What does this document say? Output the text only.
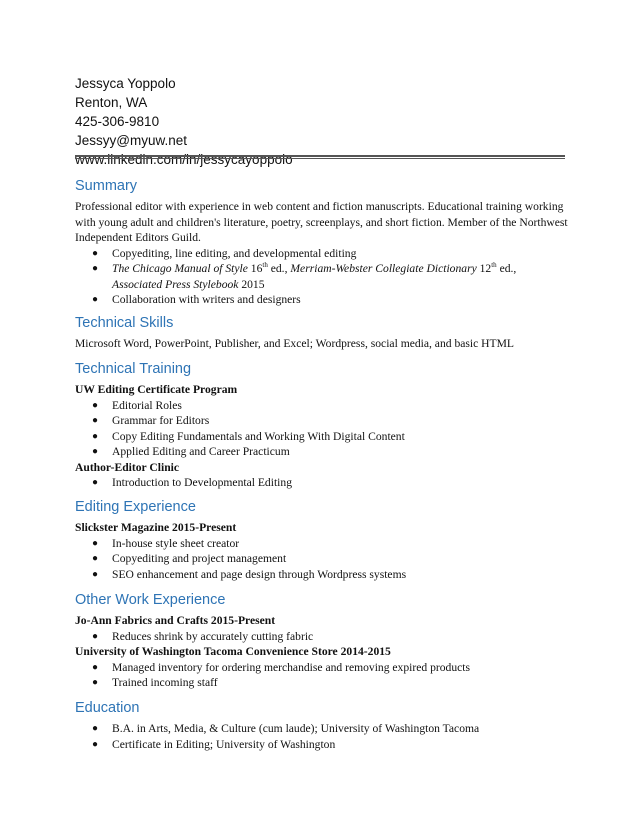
Jessyca Yoppolo
Renton, WA
425-306-9810
Jessyy@myuw.net
www.linkedin.com/in/jessycayoppolo
Summary
Professional editor with experience in web content and fiction manuscripts. Educational training working with young adult and children's literature, poetry, screenplays, and short fiction. Member of the Northwest Independent Editors Guild.
● Copyediting, line editing, and developmental editing
● The Chicago Manual of Style 16th ed., Merriam-Webster Collegiate Dictionary 12th ed.,
Associated Press Stylebook 2015
● Collaboration with writers and designers
Technical Skills
Microsoft Word, PowerPoint, Publisher, and Excel; Wordpress, social media, and basic HTML
Technical Training
UW Editing Certificate Program
● Editorial Roles
● Grammar for Editors
● Copy Editing Fundamentals and Working With Digital Content
● Applied Editing and Career Practicum
Author-Editor Clinic
● Introduction to Developmental Editing
Editing Experience
Slickster Magazine 2015-Present
● In-house style sheet creator
● Copyediting and project management
● SEO enhancement and page design through Wordpress systems
Other Work Experience
Jo-Ann Fabrics and Crafts 2015-Present
● Reduces shrink by accurately cutting fabric
University of Washington Tacoma Convenience Store 2014-2015
● Managed inventory for ordering merchandise and removing expired products
● Trained incoming staff
Education
● B.A. in Arts, Media, & Culture (cum laude); University of Washington Tacoma
● Certificate in Editing; University of Washington
